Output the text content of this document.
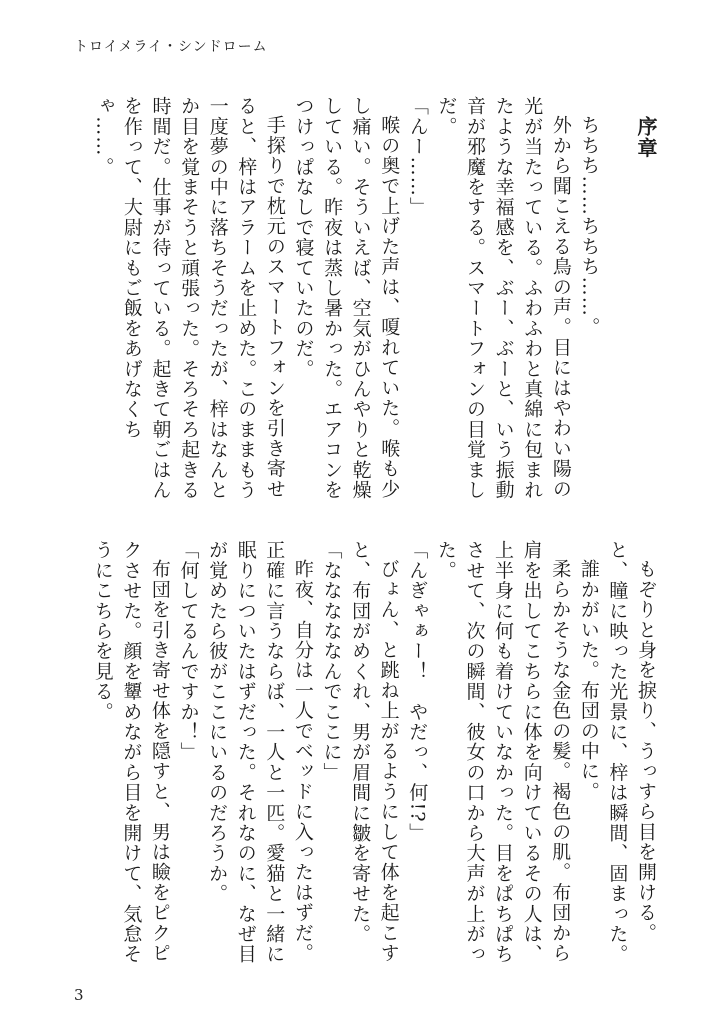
トロイメライ・シンドローム

序章

ちちち……ちちち……。

外から聞こえる鳥の声。目にはやわい陽の光が当たっている。ふわふわと真綿に包まれたような幸福感を、ぶー、ぶーと、いう振動音が邪魔をする。スマートフォンの目覚ましだ。

「んー……」

喉の奥で上げた声は、嗄れていた。喉も少し痛い。そういえば、空気がひんやりと乾燥している。昨夜は蒸し暑かった。エアコンをつけっぱなしで寝ていたのだ。

手探りで枕元のスマートフォンを引き寄せると、梓はアラームを止めた。このままもう一度夢の中に落ちそうだったが、梓はなんとか目を覚まそうと頑張った。そろそろ起きる時間だ。仕事が待っている。起きて朝ごはんを作って、大尉にもご飯をあげなくちゃ……。

もぞりと身を捩り、うっすら目を開ける。と、瞳に映った光景に、梓は瞬間、固まった。

誰かがいた。布団の中に。

柔らかそうな金色の髪。褐色の肌。布団から肩を出してこちらに体を向けているその人は、上半身に何も着けていなかった。目をぱちぱちさせて、次の瞬間、彼女の口から大声が上がった。

「んぎゃぁー！　やだっ、何!?」

びょん、と跳ね上がるようにして体を起こすと、布団がめくれ、男が眉間に皺を寄せた。

「なななななんでここに」

昨夜、自分は一人でベッドに入ったはずだ。正確に言うならば、一人と一匹。愛猫と一緒に眠りについたはずだった。それなのに、なぜ目が覚めたら彼がここにいるのだろうか。

「何してるんですか！」

布団を引き寄せ体を隠すと、男は瞼をピクピクさせた。顔を顰めながら目を開けて、気怠そうにこちらを見る。

3
